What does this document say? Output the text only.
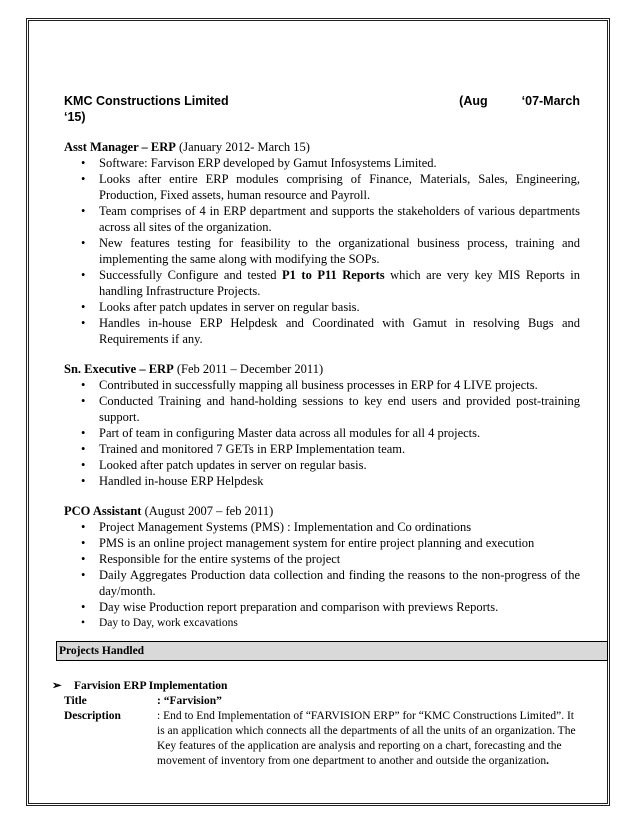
KMC Constructions Limited	(Aug	‘07-March
‘15)
Asst Manager – ERP (January 2012- March 15)
• Software: Farvison ERP developed by Gamut Infosystems Limited.
• Looks after entire ERP modules comprising of Finance, Materials, Sales, Engineering, Production, Fixed assets, human resource and Payroll.
• Team comprises of 4 in ERP department and supports the stakeholders of various departments across all sites of the organization.
• New features testing for feasibility to the organizational business process, training and implementing the same along with modifying the SOPs.
• Successfully Configure and tested P1 to P11 Reports which are very key MIS Reports in handling Infrastructure Projects.
• Looks after patch updates in server on regular basis.
• Handles in-house ERP Helpdesk and Coordinated with Gamut in resolving Bugs and Requirements if any.
Sn. Executive – ERP (Feb 2011 – December 2011)
• Contributed in successfully mapping all business processes in ERP for 4 LIVE projects.
• Conducted Training and hand-holding sessions to key end users and provided post-training support.
• Part of team in configuring Master data across all modules for all 4 projects.
• Trained and monitored 7 GETs in ERP Implementation team.
• Looked after patch updates in server on regular basis.
• Handled in-house ERP Helpdesk
PCO Assistant (August 2007 – feb 2011)
• Project Management Systems (PMS) : Implementation and Co ordinations
• PMS is an online project management system for entire project planning and execution
• Responsible for the entire systems of the project
• Daily Aggregates Production data collection and finding the reasons to the non-progress of the day/month.
• Day wise Production report preparation and comparison with previews Reports.
• Day to Day, work excavations
Projects Handled
➢ Farvision ERP Implementation
Title	: “Farvision”
Description	: End to End Implementation of “FARVISION ERP” for “KMC Constructions Limited”. It is an application which connects all the departments of all the units of an organization. The Key features of the application are analysis and reporting on a chart, forecasting and the movement of inventory from one department to another and outside the organization.
